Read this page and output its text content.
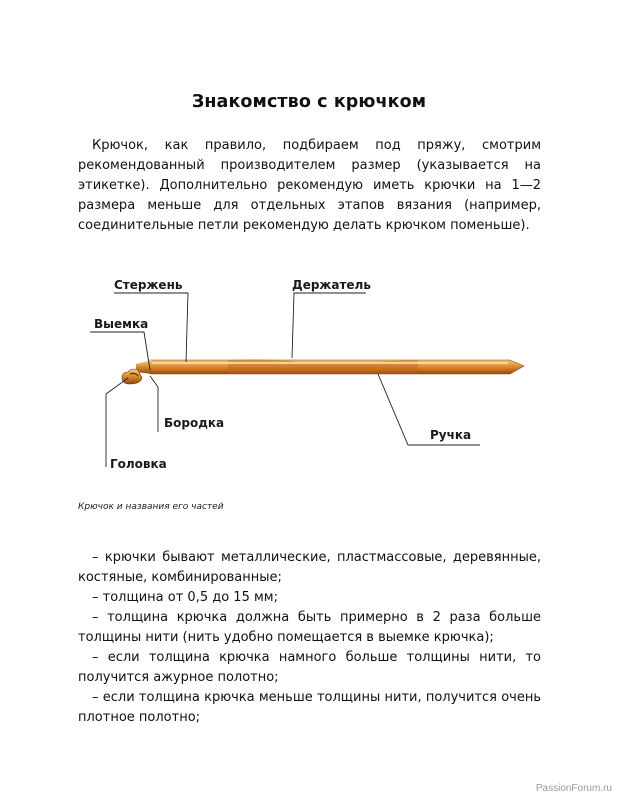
Знакомство с крючком

Крючок, как правило, подбираем под пряжу, смотрим рекомендованный производителем размер (указывается на этикетке). Дополнительно рекомендую иметь крючки на 1—2 размера меньше для отдельных этапов вязания (например, соединительные петли рекомендую делать крючком поменьше).

Стержень	Держатель
Выемка
Бородка
Ручка
Головка
Крючок и названия его частей
– крючки бывают металлические, пластмассовые, деревянные, костяные, комбинированные;
– толщина от 0,5 до 15 мм;
– толщина крючка должна быть примерно в 2 раза больше толщины нити (нить удобно помещается в выемке крючка);
– если толщина крючка намного больше толщины нити, то получится ажурное полотно;
– если толщина крючка меньше толщины нити, получится очень плотное полотно;
PassionForum.ru
